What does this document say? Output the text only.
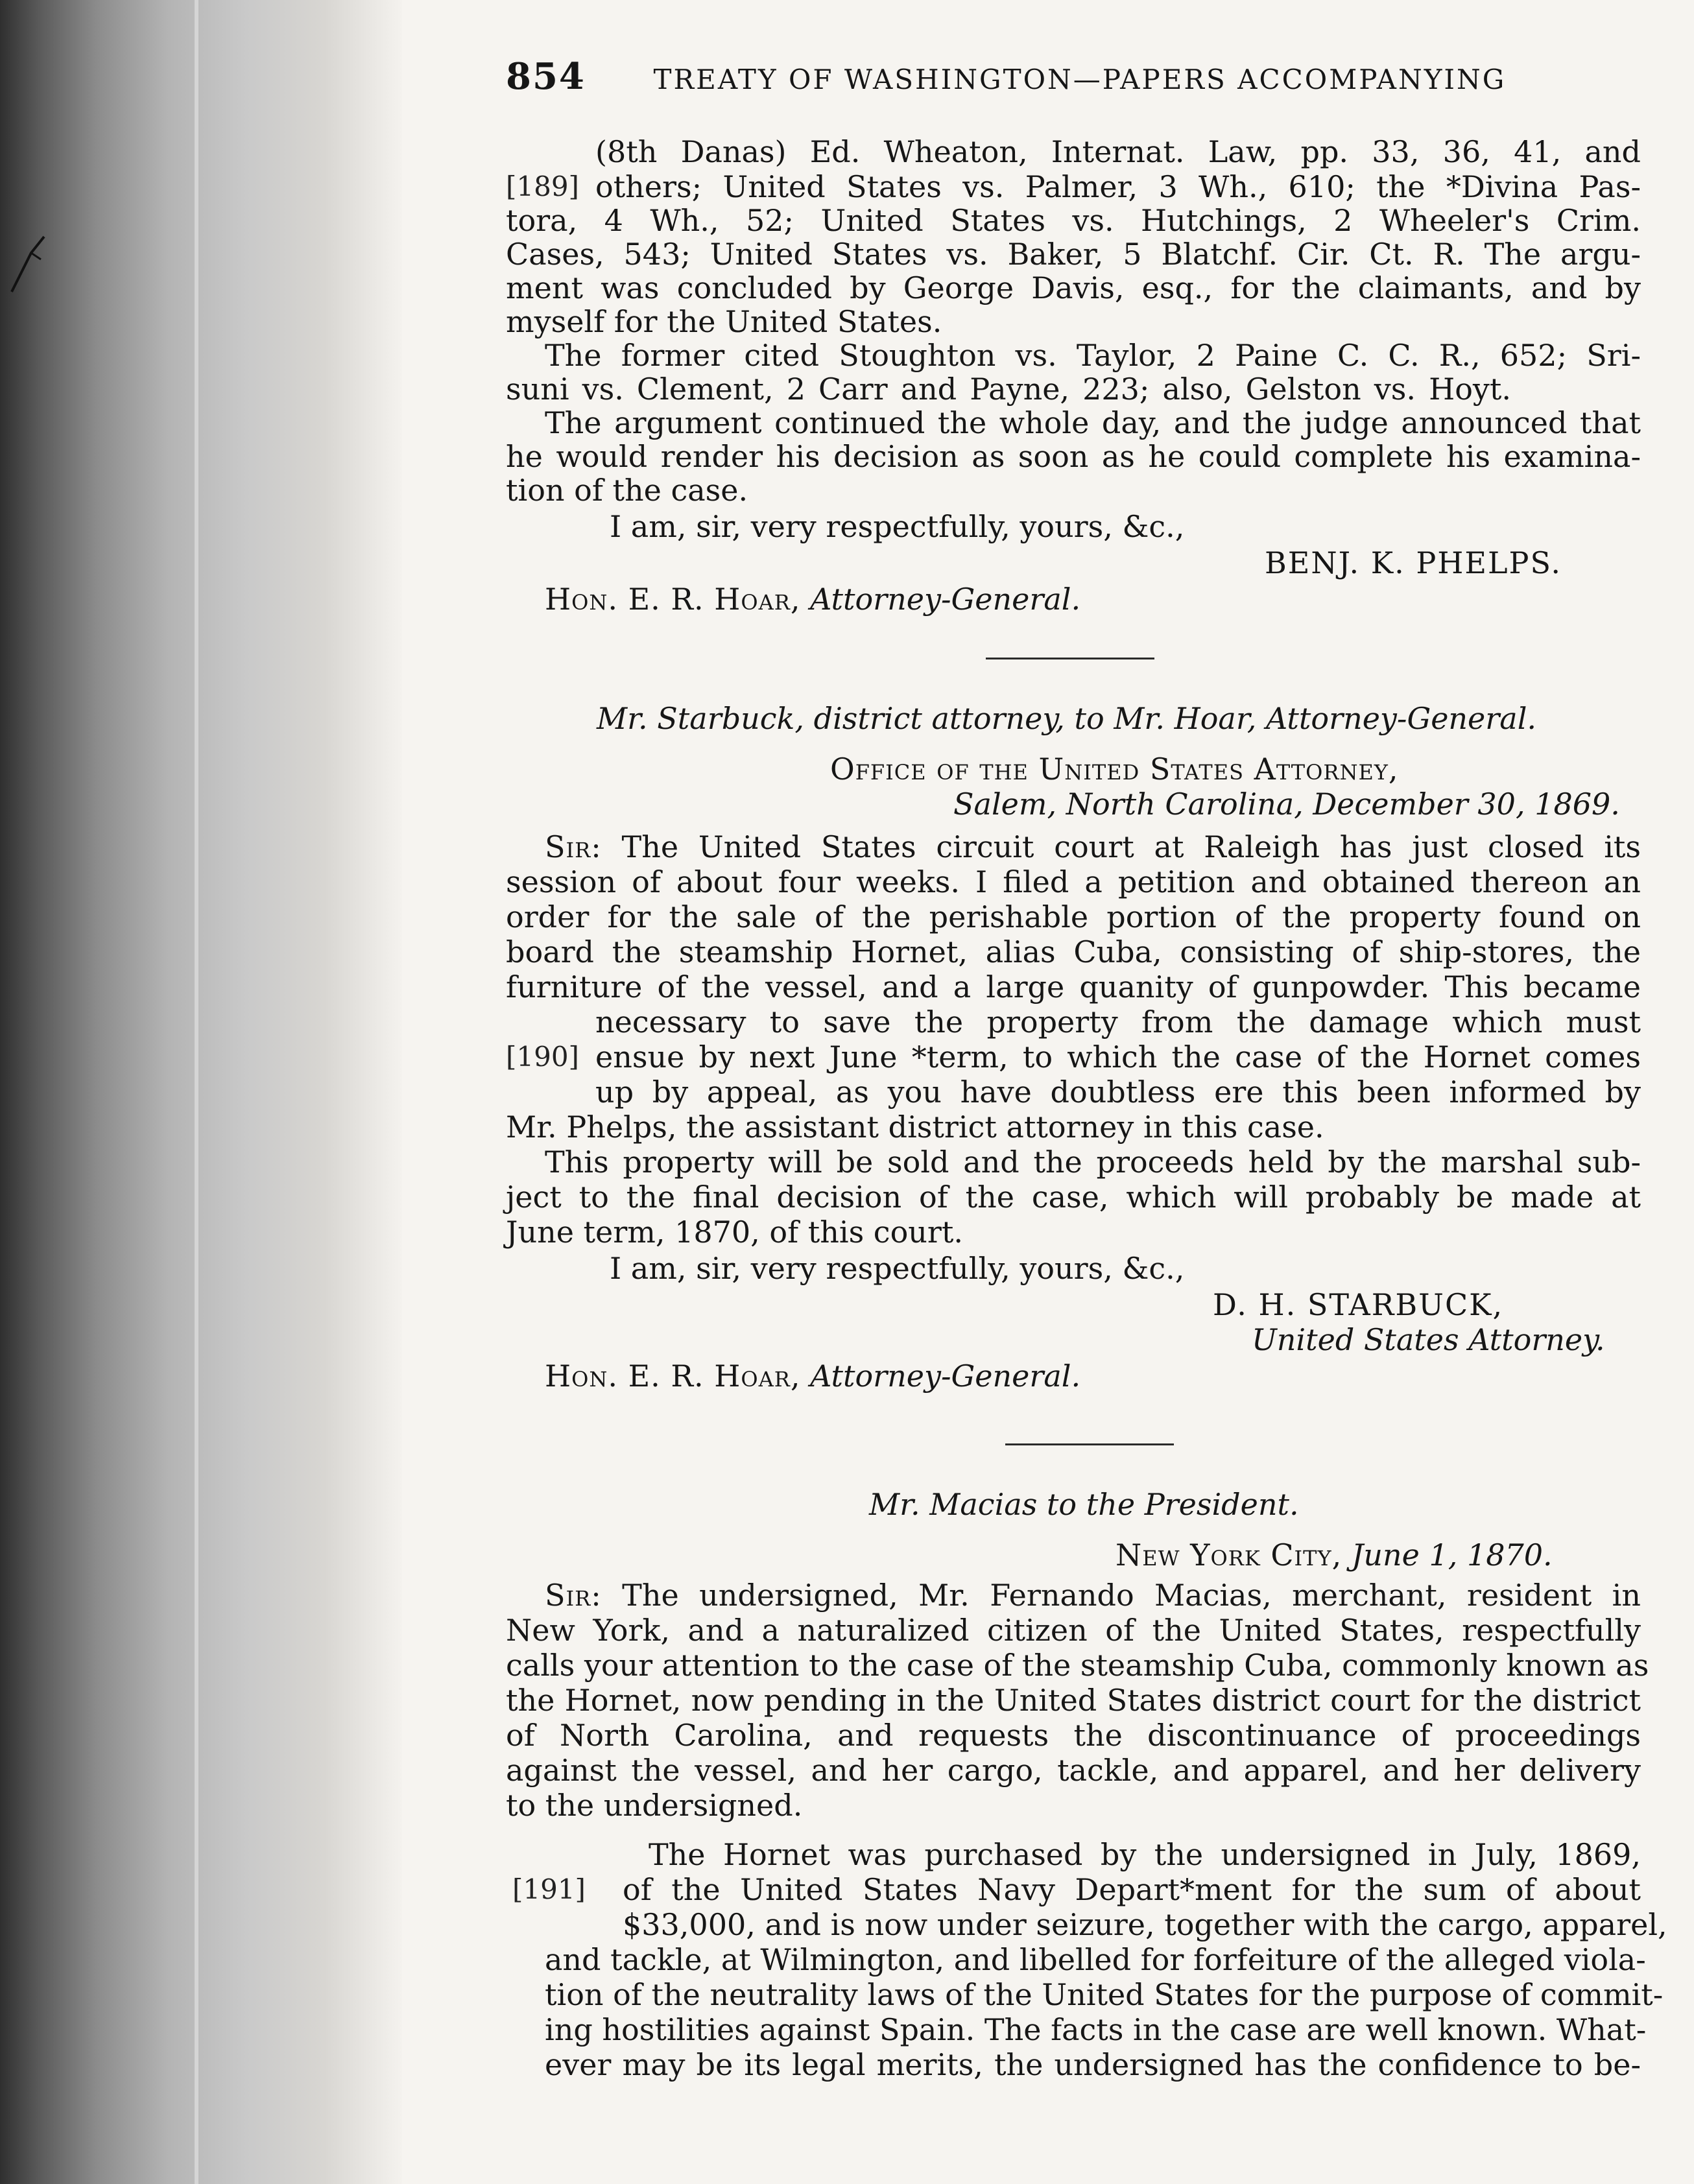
854 TREATY OF WASHINGTON—PAPERS ACCOMPANYING

(8th Danas) Ed. Wheaton, Internat. Law, pp. 33, 36, 41, and

[189] others; United States vs. Palmer, 3 Wh., 610; the *Divina Pas-

tora, 4 Wh., 52; United States vs. Hutchings, 2 Wheeler's Crim.

Cases, 543; United States vs. Baker, 5 Blatchf. Cir. Ct. R. The argu-

ment was concluded by George Davis, esq., for the claimants, and by

myself for the United States.

The former cited Stoughton vs. Taylor, 2 Paine C. C. R., 652; Sri-

suni vs. Clement, 2 Carr and Payne, 223; also, Gelston vs. Hoyt.

The argument continued the whole day, and the judge announced that

he would render his decision as soon as he could complete his examina-

tion of the case.

I am, sir, very respectfully, yours, &c.,

BENJ. K. PHELPS.

Hon. E. R. Hoar, Attorney-General.

Mr. Starbuck, district attorney, to Mr. Hoar, Attorney-General.

Office of the United States Attorney,

Salem, North Carolina, December 30, 1869.

Sir: The United States circuit court at Raleigh has just closed its

session of about four weeks. I filed a petition and obtained thereon an

order for the sale of the perishable portion of the property found on

board the steamship Hornet, alias Cuba, consisting of ship-stores, the

furniture of the vessel, and a large quanity of gunpowder. This became

necessary to save the property from the damage which must

[190] ensue by next June *term, to which the case of the Hornet comes

up by appeal, as you have doubtless ere this been informed by

Mr. Phelps, the assistant district attorney in this case.

This property will be sold and the proceeds held by the marshal sub-

ject to the final decision of the case, which will probably be made at

June term, 1870, of this court.

I am, sir, very respectfully, yours, &c.,

D. H. STARBUCK,

United States Attorney.

Hon. E. R. Hoar, Attorney-General.

Mr. Macias to the President.

New York City, June 1, 1870.

Sir: The undersigned, Mr. Fernando Macias, merchant, resident in

New York, and a naturalized citizen of the United States, respectfully

calls your attention to the case of the steamship Cuba, commonly known as

the Hornet, now pending in the United States district court for the district

of North Carolina, and requests the discontinuance of proceedings

against the vessel, and her cargo, tackle, and apparel, and her delivery

to the undersigned.

The Hornet was purchased by the undersigned in July, 1869,

[191] of the United States Navy Depart*ment for the sum of about

$33,000, and is now under seizure, together with the cargo, apparel,

and tackle, at Wilmington, and libelled for forfeiture of the alleged viola-

tion of the neutrality laws of the United States for the purpose of commit-

ing hostilities against Spain. The facts in the case are well known. What-

ever may be its legal merits, the undersigned has the confidence to be-
